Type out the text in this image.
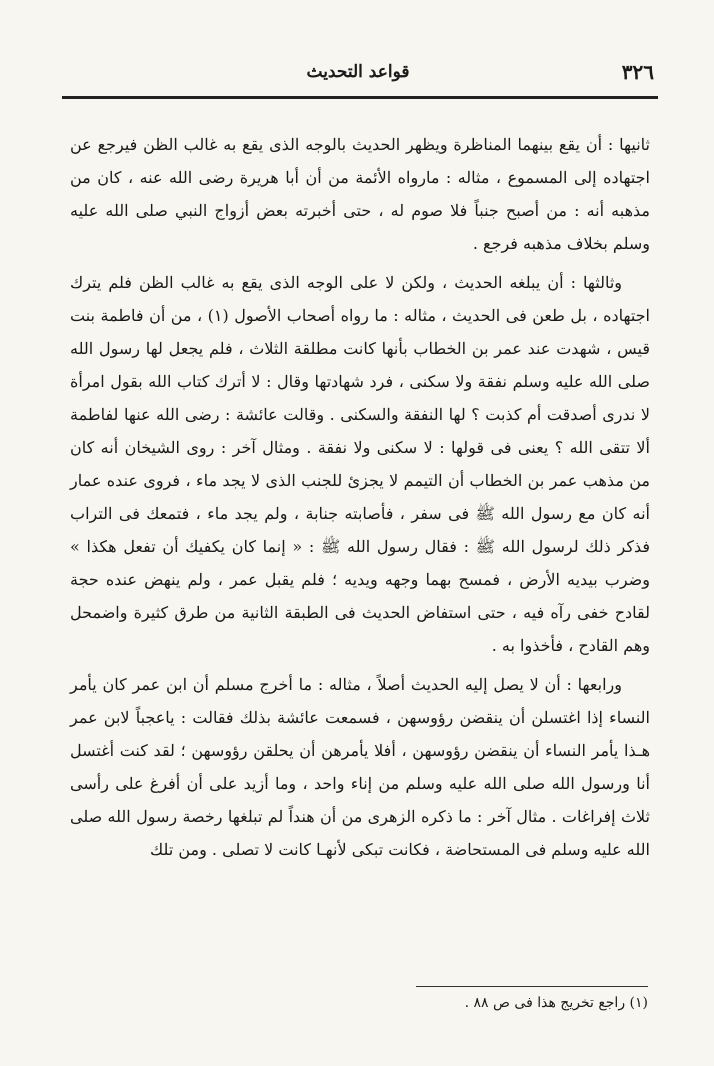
٣٢٦
قواعد التحديث

ثانيها : أن يقع بينهما المناظرة ويظهر الحديث بالوجه الذى يقع به غالب الظن فيرجع عن اجتهاده إلى المسموع ، مثاله : مارواه الأئمة من أن أبا هريرة رضى الله عنه ، كان من مذهبه أنه : من أصبح جنباً فلا صوم له ، حتى أخبرته بعض أزواج النبي صلى الله عليه وسلم بخلاف مذهبه فرجع .

وثالثها : أن يبلغه الحديث ، ولكن لا على الوجه الذى يقع به غالب الظن فلم يترك اجتهاده ، بل طعن فى الحديث ، مثاله : ما رواه أصحاب الأصول (١) ، من أن فاطمة بنت قيس ، شهدت عند عمر بن الخطاب بأنها كانت مطلقة الثلاث ، فلم يجعل لها رسول الله صلى الله عليه وسلم نفقة ولا سكنى ، فرد شهادتها وقال : لا أترك كتاب الله بقول امرأة لا ندرى أصدقت أم كذبت ؟ لها النفقة والسكنى . وقالت عائشة : رضى الله عنها لفاطمة ألا تتقى الله ؟ يعنى فى قولها : لا سكنى ولا نفقة . ومثال آخر : روى الشيخان أنه كان من مذهب عمر بن الخطاب أن التيمم لا يجزئ للجنب الذى لا يجد ماء ، فروى عنده عمار أنه كان مع رسول الله ﷺ فى سفر ، فأصابته جنابة ، ولم يجد ماء ، فتمعك فى التراب فذكر ذلك لرسول الله ﷺ : فقال رسول الله ﷺ : « إنما كان يكفيك أن تفعل هكذا » وضرب بيديه الأرض ، فمسح بهما وجهه ويديه ؛ فلم يقبل عمر ، ولم ينهض عنده حجة لقادح خفى رآه فيه ، حتى استفاض الحديث فى الطبقة الثانية من طرق كثيرة واضمحل وهم القادح ، فأخذوا به .

ورابعها : أن لا يصل إليه الحديث أصلاً ، مثاله : ما أخرج مسلم أن ابن عمر كان يأمر النساء إذا اغتسلن أن ينقضن رؤوسهن ، فسمعت عائشة بذلك فقالت : ياعجباً لابن عمر هـذا يأمر النساء أن ينقضن رؤوسهن ، أفلا يأمرهن أن يحلقن رؤوسهن ؛ لقد كنت أغتسل أنا ورسول الله صلى الله عليه وسلم من إناء واحد ، وما أزيد على أن أفرغ على رأسى ثلاث إفراغات . مثال آخر : ما ذكره الزهرى من أن هنداً لم تبلغها رخصة رسول الله صلى الله عليه وسلم فى المستحاضة ، فكانت تبكى لأنهـا كانت لا تصلى . ومن تلك

(١) راجع تخريج هذا فى ص ٨٨ .
